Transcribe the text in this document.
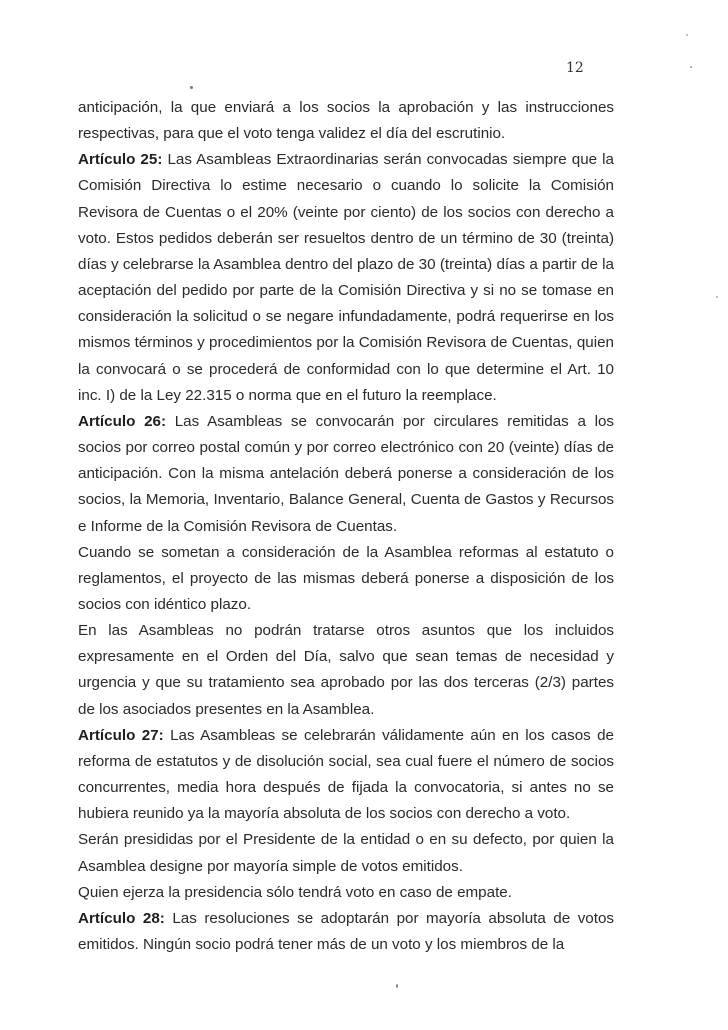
12

anticipación, la que enviará a los socios la aprobación y las instrucciones respectivas, para que el voto tenga validez el día del escrutinio.

Artículo 25: Las Asambleas Extraordinarias serán convocadas siempre que la Comisión Directiva lo estime necesario o cuando lo solicite la Comisión Revisora de Cuentas o el 20% (veinte por ciento) de los socios con derecho a voto. Estos pedidos deberán ser resueltos dentro de un término de 30 (treinta) días y celebrarse la Asamblea dentro del plazo de 30 (treinta) días a partir de la aceptación del pedido por parte de la Comisión Directiva y si no se tomase en consideración la solicitud o se negare infundadamente, podrá requerirse en los mismos términos y procedimientos por la Comisión Revisora de Cuentas, quien la convocará o se procederá de conformidad con lo que determine el Art. 10 inc. I) de la Ley 22.315 o norma que en el futuro la reemplace.

Artículo 26: Las Asambleas se convocarán por circulares remitidas a los socios por correo postal común y por correo electrónico con 20 (veinte) días de anticipación. Con la misma antelación deberá ponerse a consideración de los socios, la Memoria, Inventario, Balance General, Cuenta de Gastos y Recursos e Informe de la Comisión Revisora de Cuentas.

Cuando se sometan a consideración de la Asamblea reformas al estatuto o reglamentos, el proyecto de las mismas deberá ponerse a disposición de los socios con idéntico plazo.

En las Asambleas no podrán tratarse otros asuntos que los incluidos expresamente en el Orden del Día, salvo que sean temas de necesidad y urgencia y que su tratamiento sea aprobado por las dos terceras (2/3) partes de los asociados presentes en la Asamblea.

Artículo 27: Las Asambleas se celebrarán válidamente aún en los casos de reforma de estatutos y de disolución social, sea cual fuere el número de socios concurrentes, media hora después de fijada la convocatoria, si antes no se hubiera reunido ya la mayoría absoluta de los socios con derecho a voto.

Serán presididas por el Presidente de la entidad o en su defecto, por quien la Asamblea designe por mayoría simple de votos emitidos.

Quien ejerza la presidencia sólo tendrá voto en caso de empate.

Artículo 28: Las resoluciones se adoptarán por mayoría absoluta de votos emitidos. Ningún socio podrá tener más de un voto y los miembros de la
